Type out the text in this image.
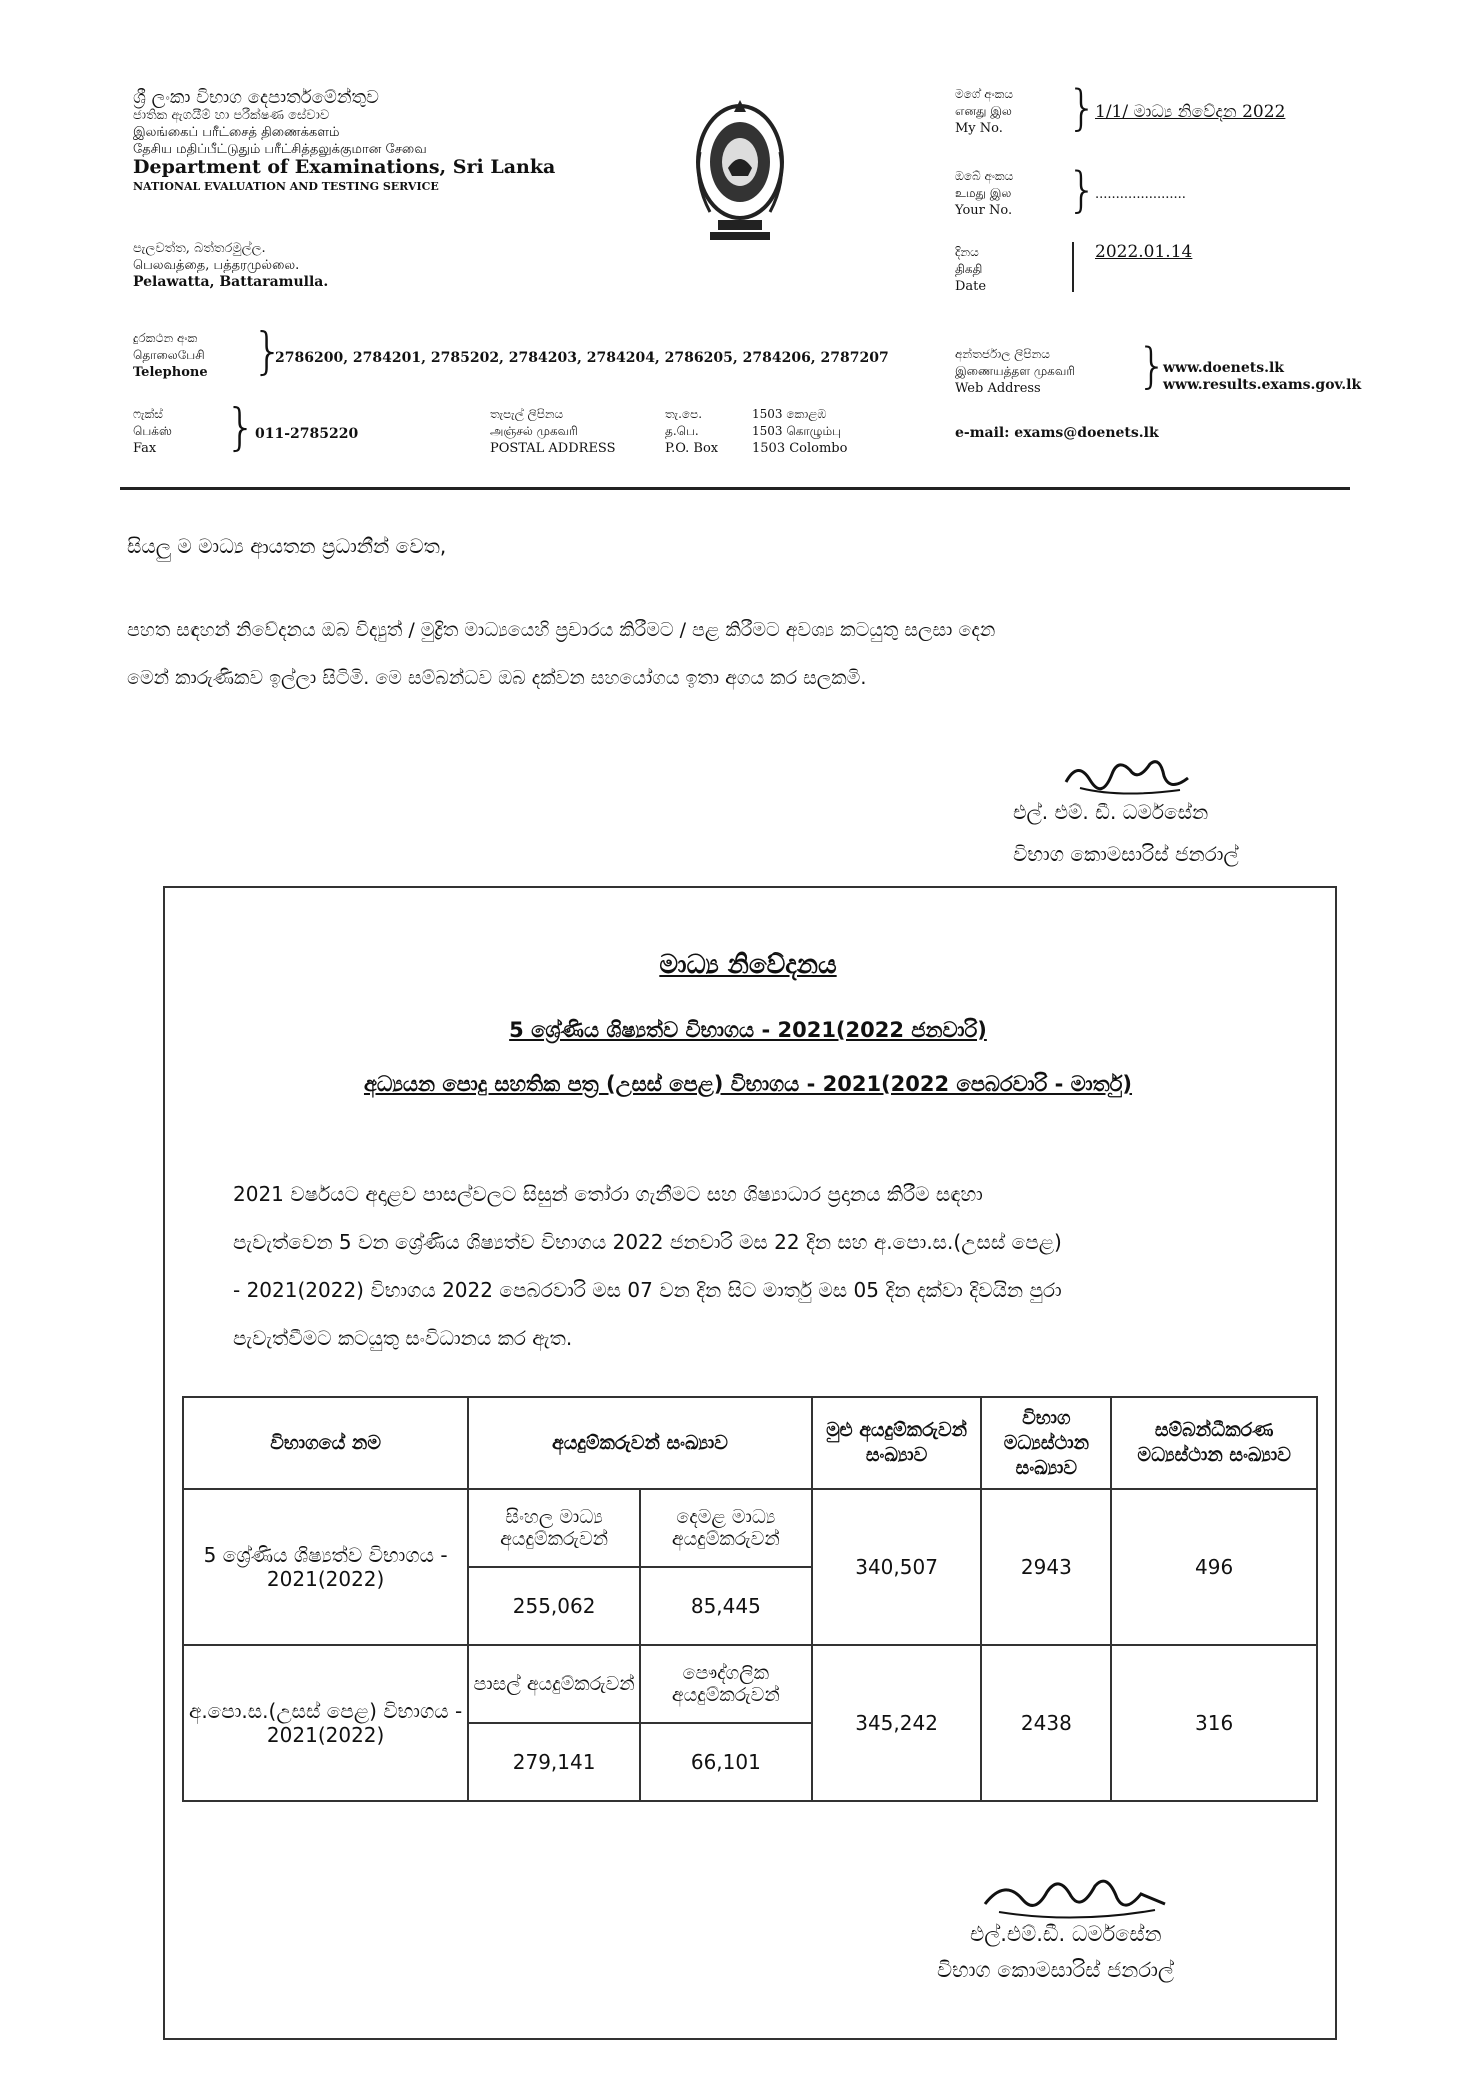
ශ්‍රී ලංකා විභාග දෙපාර්තමේන්තුව
ජාතික ඇගයීම් හා පරීක්ෂණ සේවාව
இலங்கைப் பரீட்சைத் திணைக்களம்
தேசிய மதிப்பீட்டுதும் பரீட்சித்தலுக்குமான சேவை
Department of Examinations, Sri Lanka
NATIONAL EVALUATION AND TESTING SERVICE
පැලවත්ත, බත්තරමුල්ල.
பெலவத்தை, பத்தரமுல்லை.
Pelawatta, Battaramulla.
දුරකථන අංක
தொலைபேசி
Telephone }
2786200, 2784201, 2785202, 2784203, 2784204, 2786205, 2784206, 2787207
ෆැක්ස්
பெக்ஸ்
Fax	}
011-2785220
තැපැල් ලිපිනය
அஞ்சல் முகவரி
POSTAL ADDRESS
තැ.පෙ.
த.பெ.
P.O. Box
1503 කොළඹ
1503 கொழும்பு
1503 Colombo
මගේ අංකය
எனது இல
My No. }
1/1/ මාධ්‍ය නිවේදන 2022
ඔබේ අංකය
உமது இல
Your No. }
......................
දිනය
திகதி
Date
2022.01.14
අන්තර්ජාල ලිපිනය
இணையத்தள முகவரி
Web Address	}
www.doenets.lk
www.results.exams.gov.lk
e-mail: exams@doenets.lk
සියලු ම මාධ්‍ය ආයතන ප්‍රධානීන් වෙත,
පහත සඳහන් නිවේදනය ඔබ විද්‍යුත් / මුද්‍රිත මාධ්‍යයෙහි ප්‍රචාරය කිරීමට / පළ කිරීමට අවශ්‍ය කටයුතු සලසා දෙන
මෙන් කාරුණිකව ඉල්ලා සිටිමි. මෙ සම්බන්ධව ඔබ දක්වන සහයෝගය ඉතා අගය කර සලකමි.
එල්. එම්. ඩී. ධර්මසේන
විභාග කොමසාරිස් ජනරාල්
මාධ්‍ය නිවේදනය
5 ශ්‍රේණිය ශිෂ්‍යත්ව විභාගය - 2021(2022 ජනවාරි)
අධ්‍යයන පොදු සහතික පත්‍ර (උසස් පෙළ) විභාගය - 2021(2022 පෙබරවාරි - මාර්තු)
2021 වර්ෂයට අදාළව පාසල්වලට සිසුන් තෝරා ගැනීමට සහ ශිෂ්‍යාධාර ප්‍රදානය කිරීම සඳහා
පැවැත්වෙන 5 වන ශ්‍රේණිය ශිෂ්‍යත්ව විභාගය 2022 ජනවාරි මස 22 දින සහ අ.පො.ස.(උසස් පෙළ)
- 2021(2022) විභාගය 2022 පෙබරවාරි මස 07 වන දින සිට මාර්තු මස 05 දින දක්වා දිවයින පුරා
පැවැත්වීමට කටයුතු සංවිධානය කර ඇත.
විභාගයේ නම	අයදුම්කරුවන් සංඛ්‍යාව		මුළු අයදුම්කරුවන් සංඛ්‍යාව	විභාග මධ්‍යස්ථාන සංඛ්‍යාව	සම්බන්ධීකරණ මධ්‍යස්ථාන සංඛ්‍යාව
5 ශ්‍රේණිය ශිෂ්‍යත්ව විභාගය - 2021(2022)	සිංහල මාධ්‍ය අයදුම්කරුවන්	දෙමළ මාධ්‍ය අයදුම්කරුවන්	340,507	2943	496
	255,062	85,445			
අ.පො.ස.(උසස් පෙළ) විභාගය - 2021(2022)	පාසල් අයදුම්කරුවන්	පෞද්ගලික අයදුම්කරුවන්	345,242	2438	316
	279,141	66,101			
එල්.එම්.ඩී. ධර්මසේන
විභාග කොමසාරිස් ජනරාල්
